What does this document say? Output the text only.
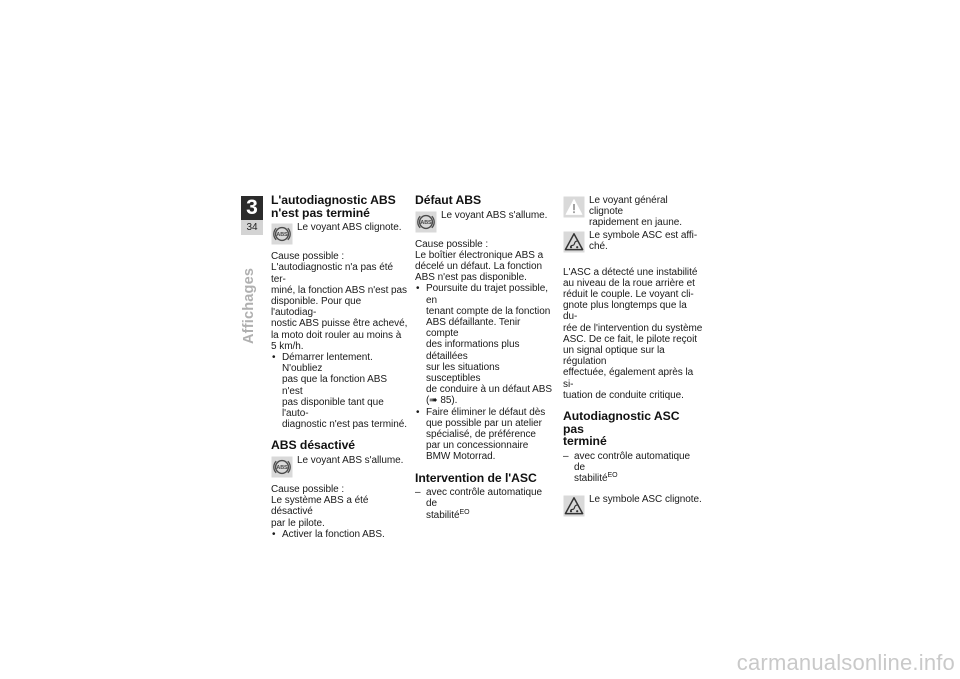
3
34
Affichages
L'autodiagnostic ABS
n'est pas terminé
Le voyant ABS clignote.

Cause possible :

L'autodiagnostic n'a pas été ter-
miné, la fonction ABS n'est pas
disponible. Pour que l'autodiag-
nostic ABS puisse être achevé,
la moto doit rouler au moins à
5 km/h.

• Démarrer lentement. N'oubliez
pas que la fonction ABS n'est
pas disponible tant que l'auto-
diagnostic n'est pas terminé.
ABS désactivé
Le voyant ABS s'allume.

Cause possible :

Le système ABS a été désactivé
par le pilote.

• Activer la fonction ABS.
Défaut ABS
Le voyant ABS s'allume.

Cause possible :

Le boîtier électronique ABS a
décelé un défaut. La fonction
ABS n'est pas disponible.

• Poursuite du trajet possible, en
tenant compte de la fonction
ABS défaillante. Tenir compte
des informations plus détaillées
sur les situations susceptibles
de conduire à un défaut ABS
(➠ 85).
• Faire éliminer le défaut dès
que possible par un atelier
spécialisé, de préférence
par un concessionnaire
BMW Motorrad.
Intervention de l'ASC
– avec contrôle automatique de
stabilité$^{EO}$
Le voyant général clignote
rapidement en jaune.
Le symbole ASC est affi-
ché.

L'ASC a détecté une instabilité
au niveau de la roue arrière et
réduit le couple. Le voyant cli-
gnote plus longtemps que la du-
rée de l'intervention du système
ASC. De ce fait, le pilote reçoit
un signal optique sur la régulation
effectuée, également après la si-
tuation de conduite critique.

Autodiagnostic ASC pas
terminé
– avec contrôle automatique de
stabilité$^{EO}$
Le symbole ASC clignote.
carmanualsonline.info
